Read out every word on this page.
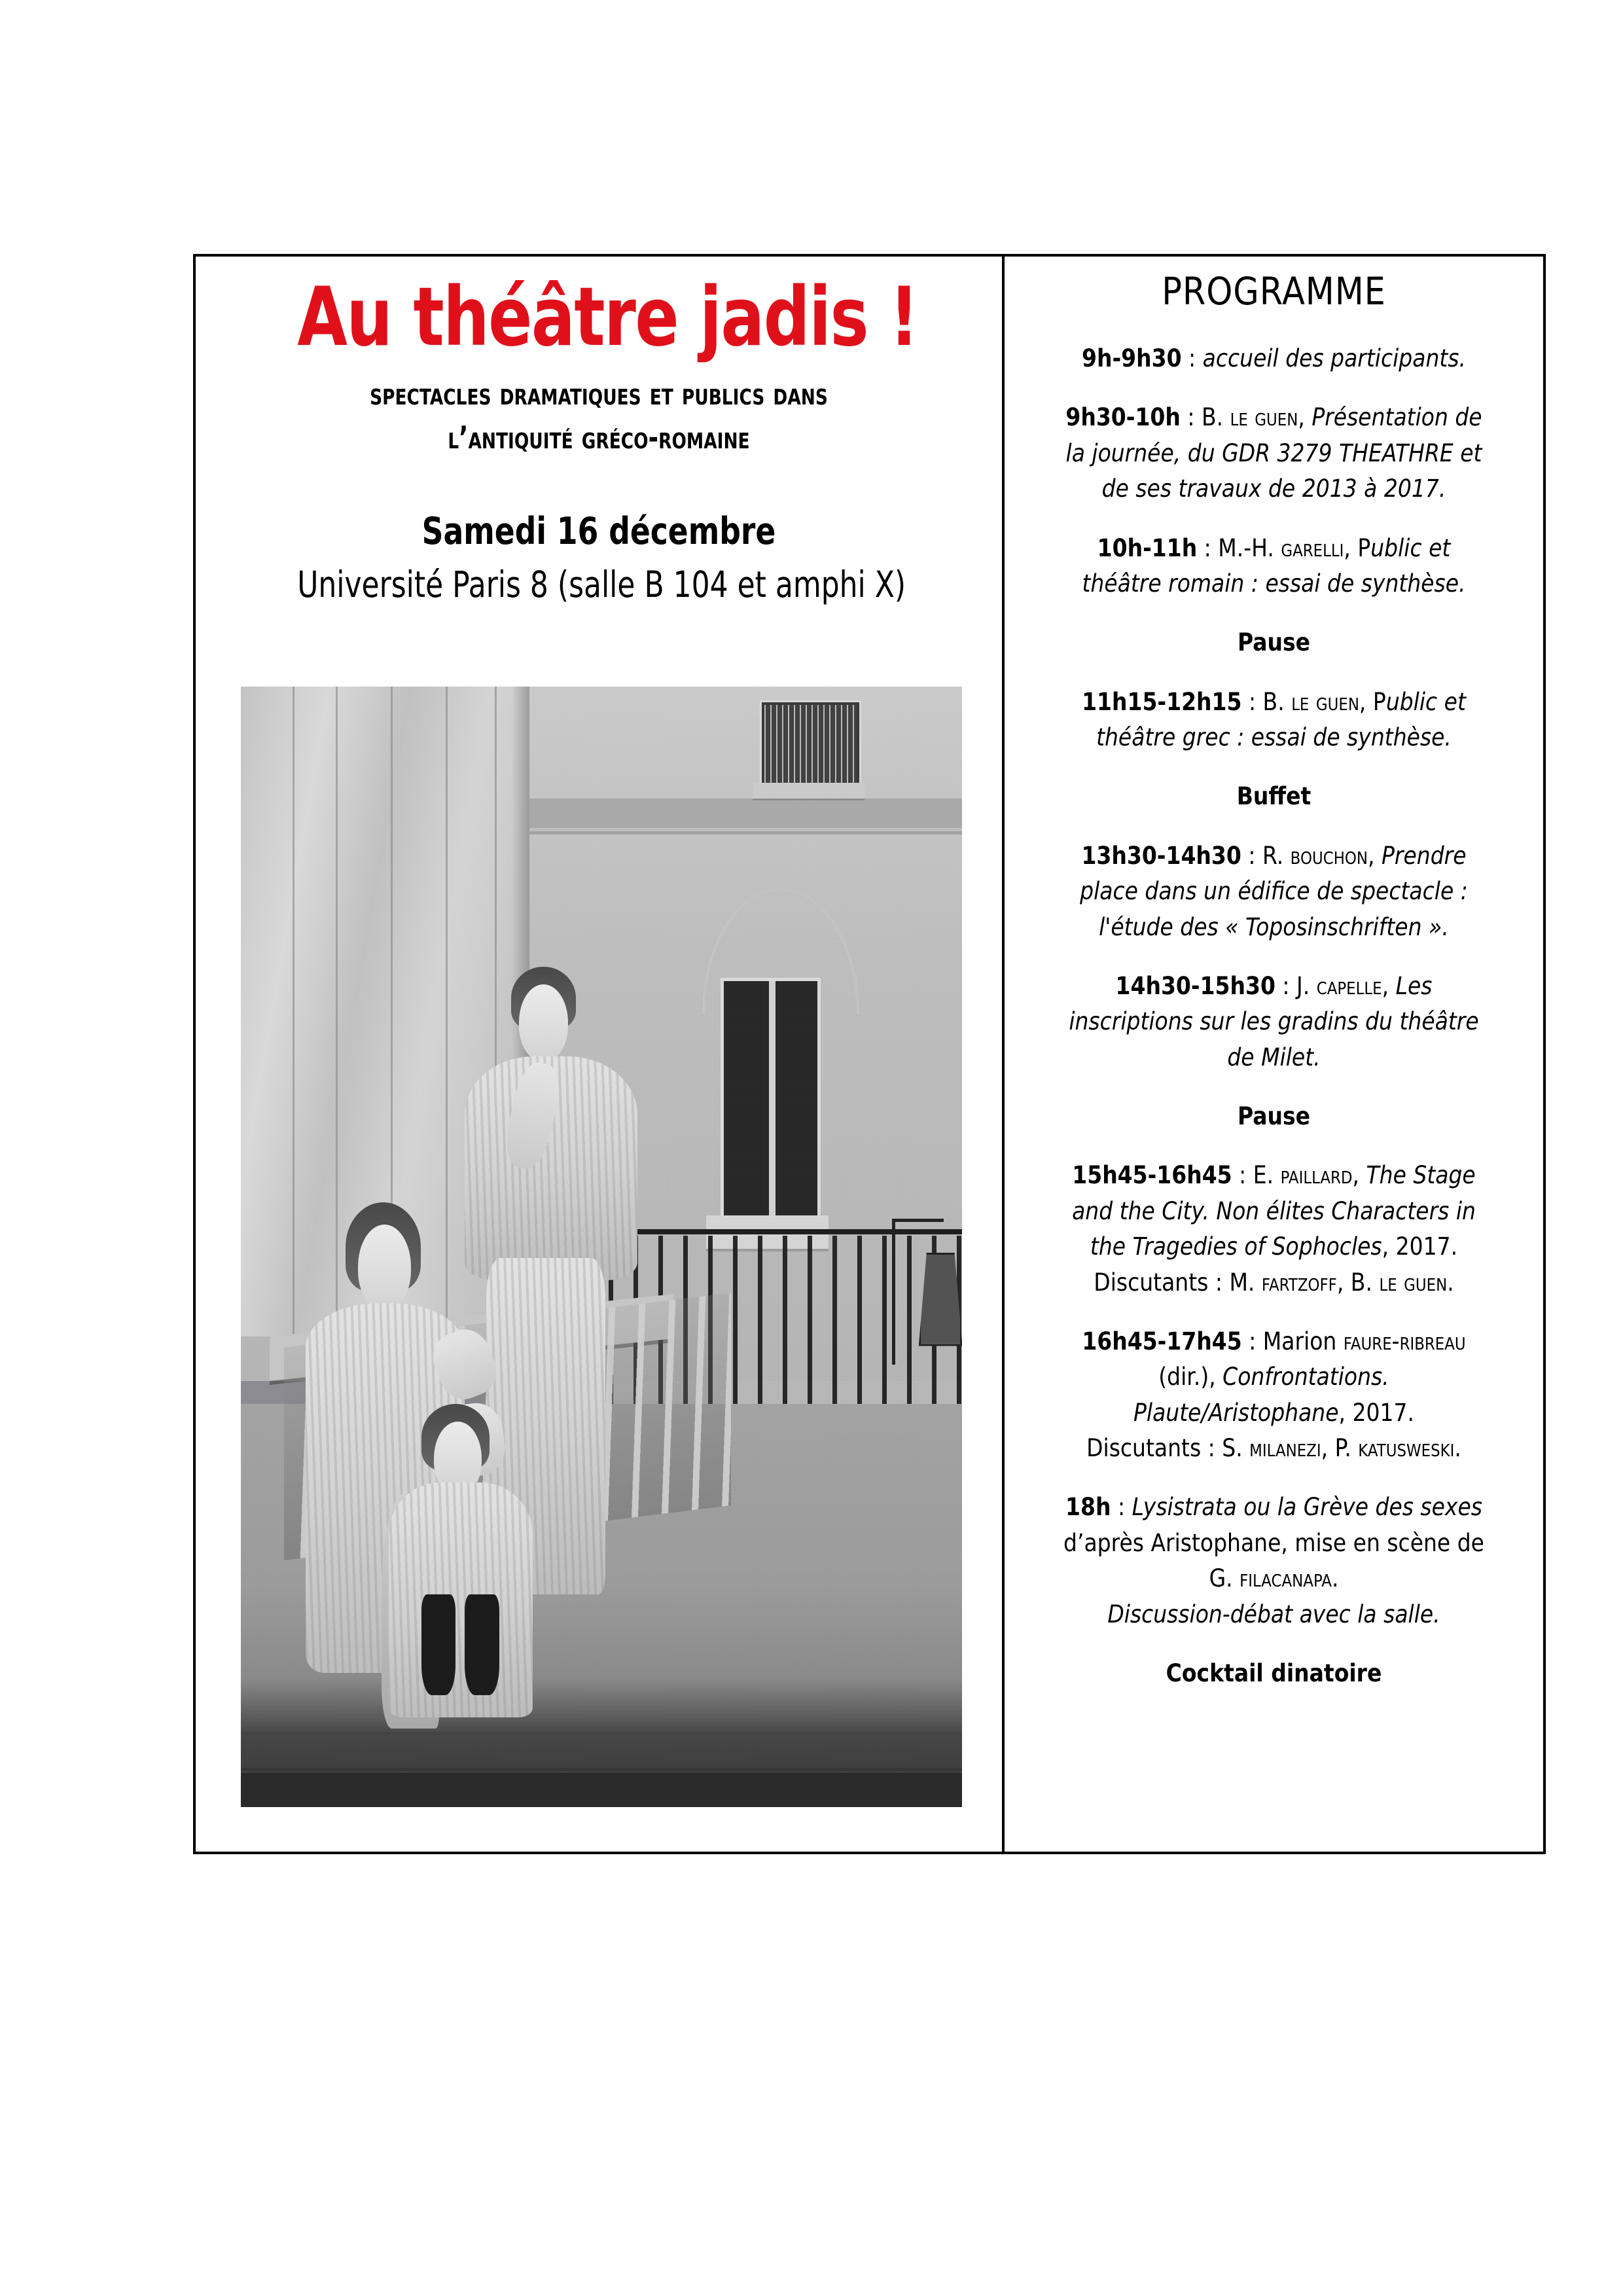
Au théâtre jadis !
spectacles dramatiques et publics dans
l’antiquité gréco-romaine
Samedi 16 décembre
Université Paris 8 (salle B 104 et amphi X)
PROGRAMME
9h-9h30 : accueil des participants.
9h30-10h : B. le guen, Présentation de la journée, du GDR 3279 THEATHRE et de ses travaux de 2013 à 2017.
10h-11h : M.-H. garelli, Public et théâtre romain : essai de synthèse.
Pause
11h15-12h15 : B. le guen, Public et théâtre grec : essai de synthèse.
Buffet
13h30-14h30 : R. bouchon, Prendre place dans un édifice de spectacle : l'étude des « Toposinschriften ».
14h30-15h30 : J. capelle, Les inscriptions sur les gradins du théâtre de Milet.
Pause
15h45-16h45 : E. paillard, The Stage and the City. Non élites Characters in the Tragedies of Sophocles, 2017.
Discutants : M. fartzoff, B. le guen.
16h45-17h45 : Marion faure-ribreau (dir.), Confrontations. Plaute/Aristophane, 2017.
Discutants : S. milanezi, P. katusweski.
18h : Lysistrata ou la Grève des sexes d’après Aristophane, mise en scène de G. filacanapa.
Discussion-débat avec la salle.
Cocktail dinatoire
